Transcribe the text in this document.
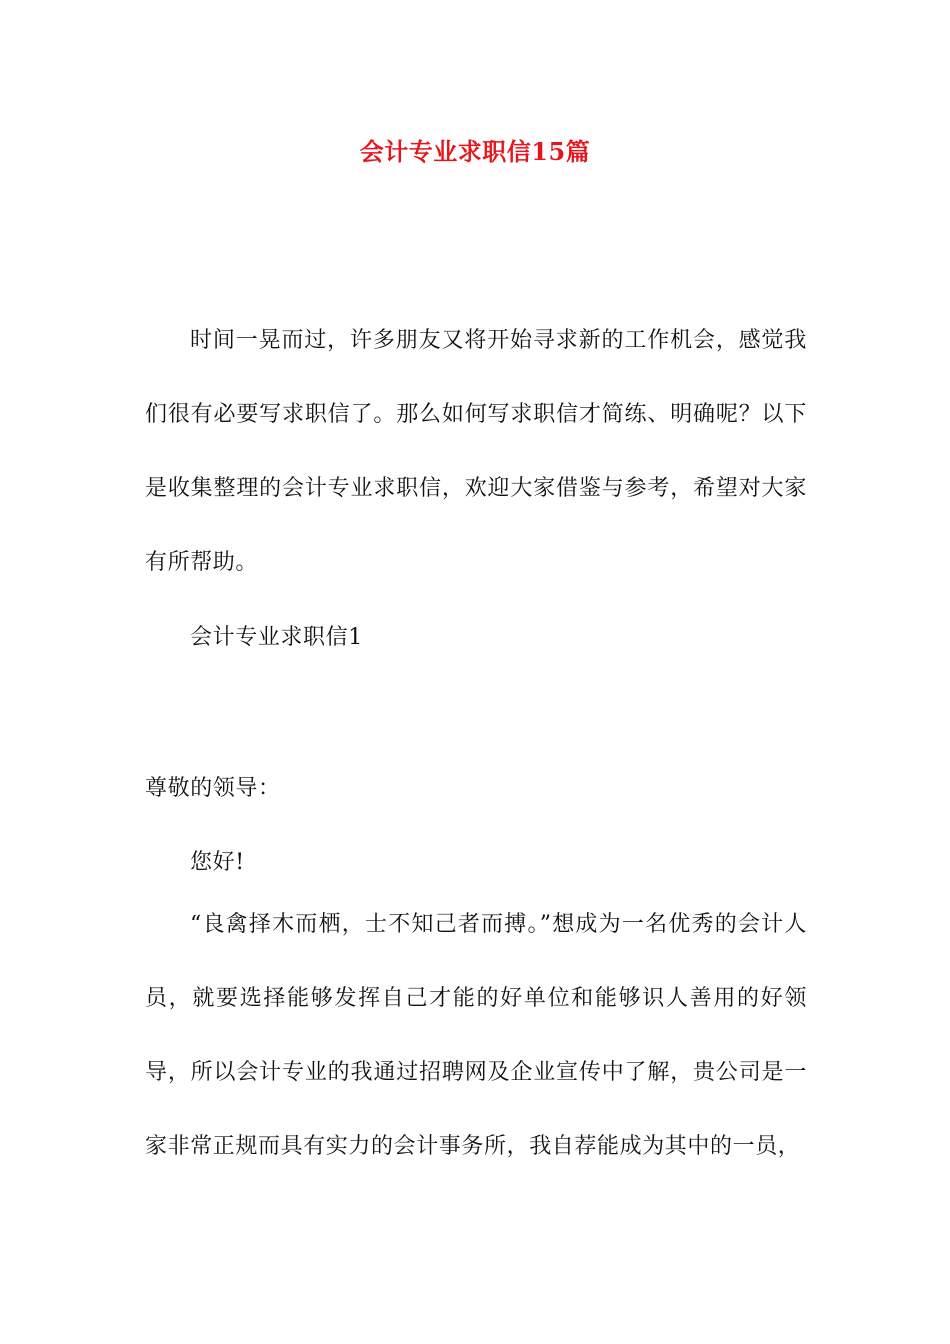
会计专业求职信15篇
时间一晃而过，许多朋友又将开始寻求新的工作机会，感觉我们很有必要写求职信了。那么如何写求职信才简练、明确呢？以下是收集整理的会计专业求职信，欢迎大家借鉴与参考，希望对大家有所帮助。
会计专业求职信1
尊敬的领导：
您好!
“良禽择木而栖，士不知己者而搏。”想成为一名优秀的会计人员，就要选择能够发挥自己才能的好单位和能够识人善用的好领导，所以会计专业的我通过招聘网及企业宣传中了解，贵公司是一家非常正规而具有实力的会计事务所，我自荐能成为其中的一员，
